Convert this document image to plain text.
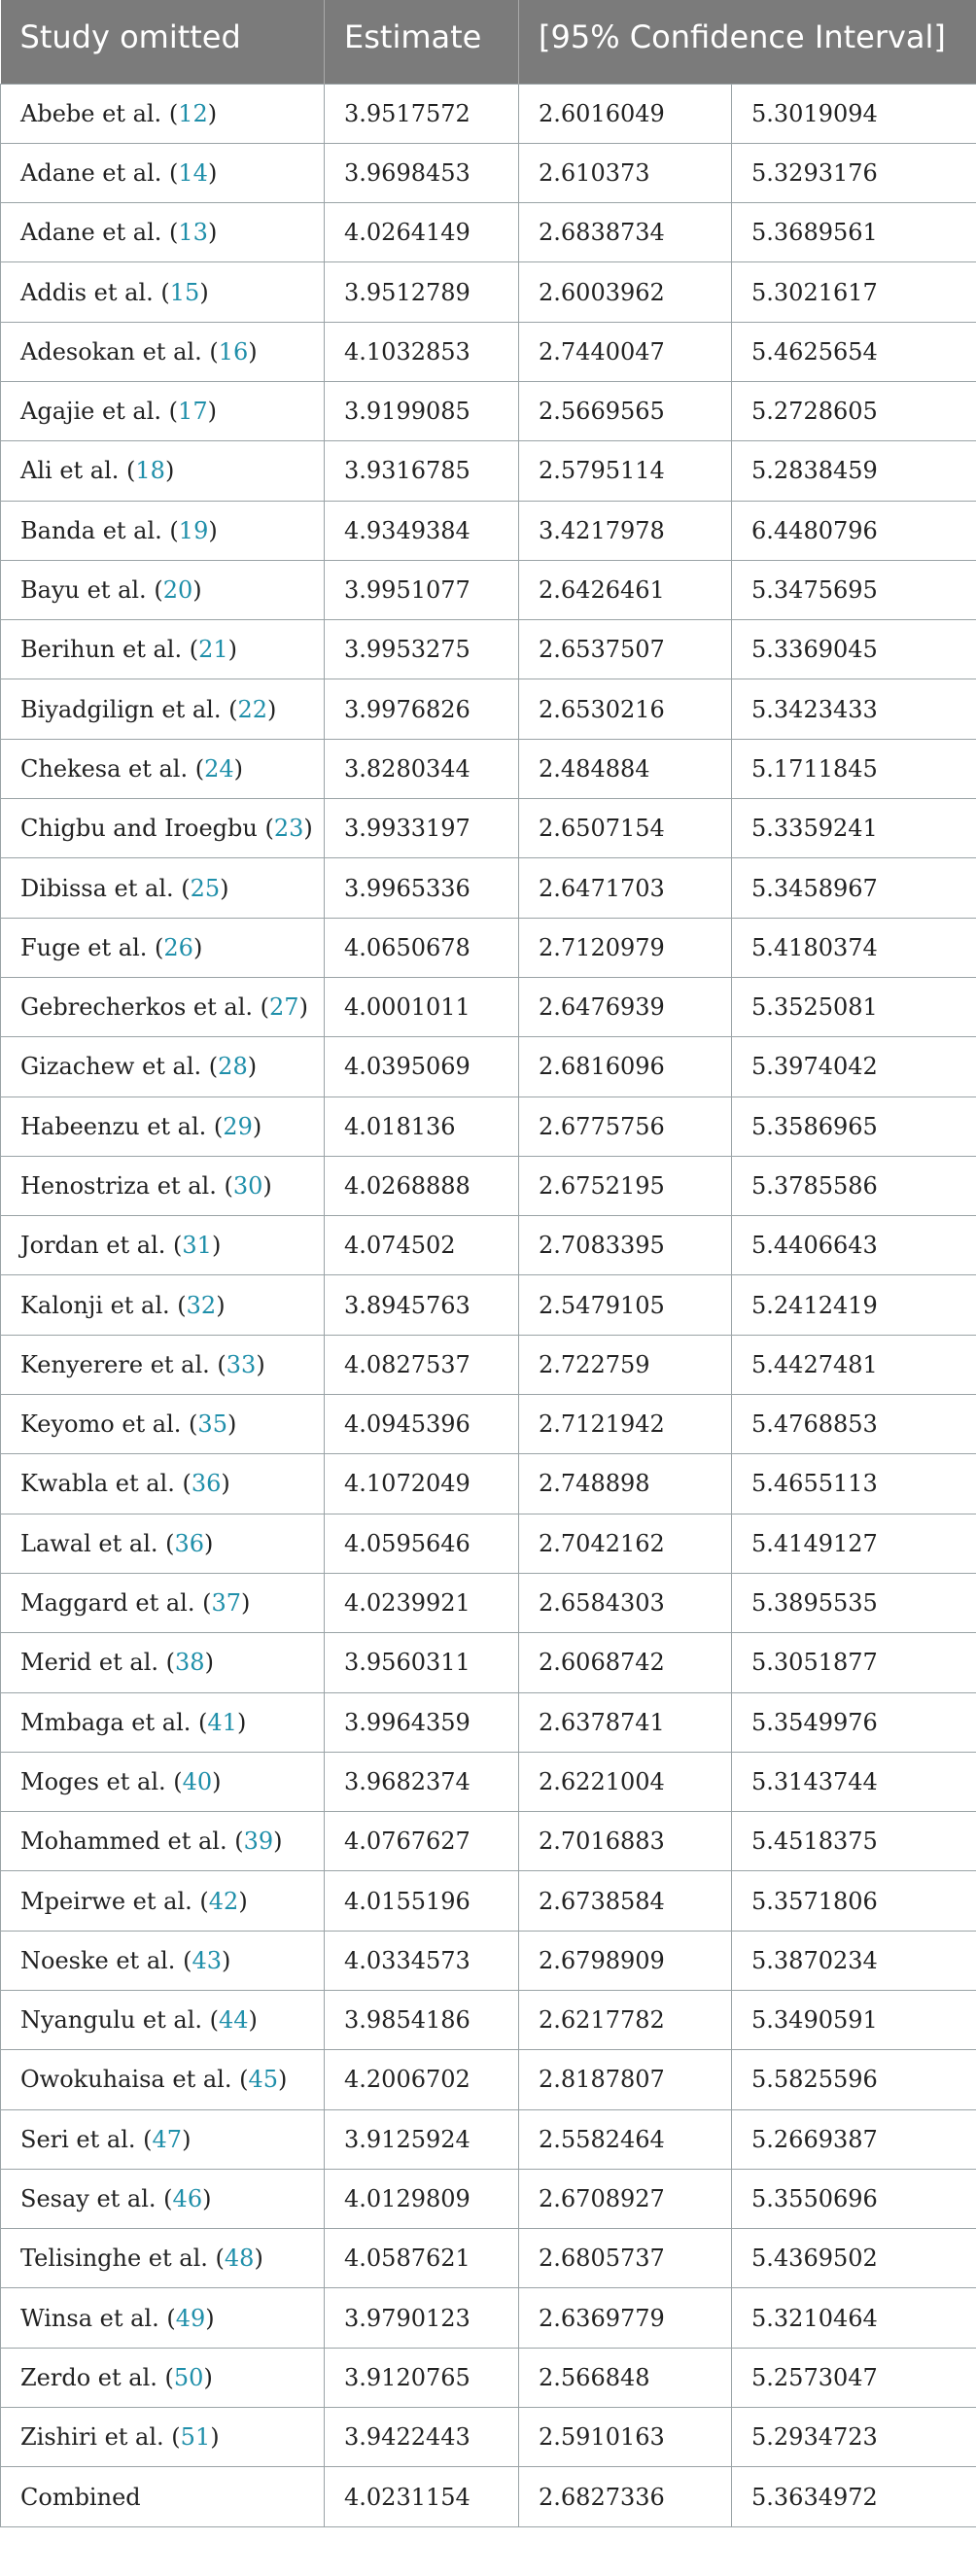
Study omitted	Estimate	[95% Confidence Interval]	
Abebe et al. (12)	3.9517572	2.6016049	5.3019094
Adane et al. (14)	3.9698453	2.610373	5.3293176
Adane et al. (13)	4.0264149	2.6838734	5.3689561
Addis et al. (15)	3.9512789	2.6003962	5.3021617
Adesokan et al. (16)	4.1032853	2.7440047	5.4625654
Agajie et al. (17)	3.9199085	2.5669565	5.2728605
Ali et al. (18)	3.9316785	2.5795114	5.2838459
Banda et al. (19)	4.9349384	3.4217978	6.4480796
Bayu et al. (20)	3.9951077	2.6426461	5.3475695
Berihun et al. (21)	3.9953275	2.6537507	5.3369045
Biyadgilign et al. (22)	3.9976826	2.6530216	5.3423433
Chekesa et al. (24)	3.8280344	2.484884	5.1711845
Chigbu and Iroegbu (23)	3.9933197	2.6507154	5.3359241
Dibissa et al. (25)	3.9965336	2.6471703	5.3458967
Fuge et al. (26)	4.0650678	2.7120979	5.4180374
Gebrecherkos et al. (27)	4.0001011	2.6476939	5.3525081
Gizachew et al. (28)	4.0395069	2.6816096	5.3974042
Habeenzu et al. (29)	4.018136	2.6775756	5.3586965
Henostriza et al. (30)	4.0268888	2.6752195	5.3785586
Jordan et al. (31)	4.074502	2.7083395	5.4406643
Kalonji et al. (32)	3.8945763	2.5479105	5.2412419
Kenyerere et al. (33)	4.0827537	2.722759	5.4427481
Keyomo et al. (35)	4.0945396	2.7121942	5.4768853
Kwabla et al. (36)	4.1072049	2.748898	5.4655113
Lawal et al. (36)	4.0595646	2.7042162	5.4149127
Maggard et al. (37)	4.0239921	2.6584303	5.3895535
Merid et al. (38)	3.9560311	2.6068742	5.3051877
Mmbaga et al. (41)	3.9964359	2.6378741	5.3549976
Moges et al. (40)	3.9682374	2.6221004	5.3143744
Mohammed et al. (39)	4.0767627	2.7016883	5.4518375
Mpeirwe et al. (42)	4.0155196	2.6738584	5.3571806
Noeske et al. (43)	4.0334573	2.6798909	5.3870234
Nyangulu et al. (44)	3.9854186	2.6217782	5.3490591
Owokuhaisa et al. (45)	4.2006702	2.8187807	5.5825596
Seri et al. (47)	3.9125924	2.5582464	5.2669387
Sesay et al. (46)	4.0129809	2.6708927	5.3550696
Telisinghe et al. (48)	4.0587621	2.6805737	5.4369502
Winsa et al. (49)	3.9790123	2.6369779	5.3210464
Zerdo et al. (50)	3.9120765	2.566848	5.2573047
Zishiri et al. (51)	3.9422443	2.5910163	5.2934723
Combined	4.0231154	2.6827336	5.3634972
